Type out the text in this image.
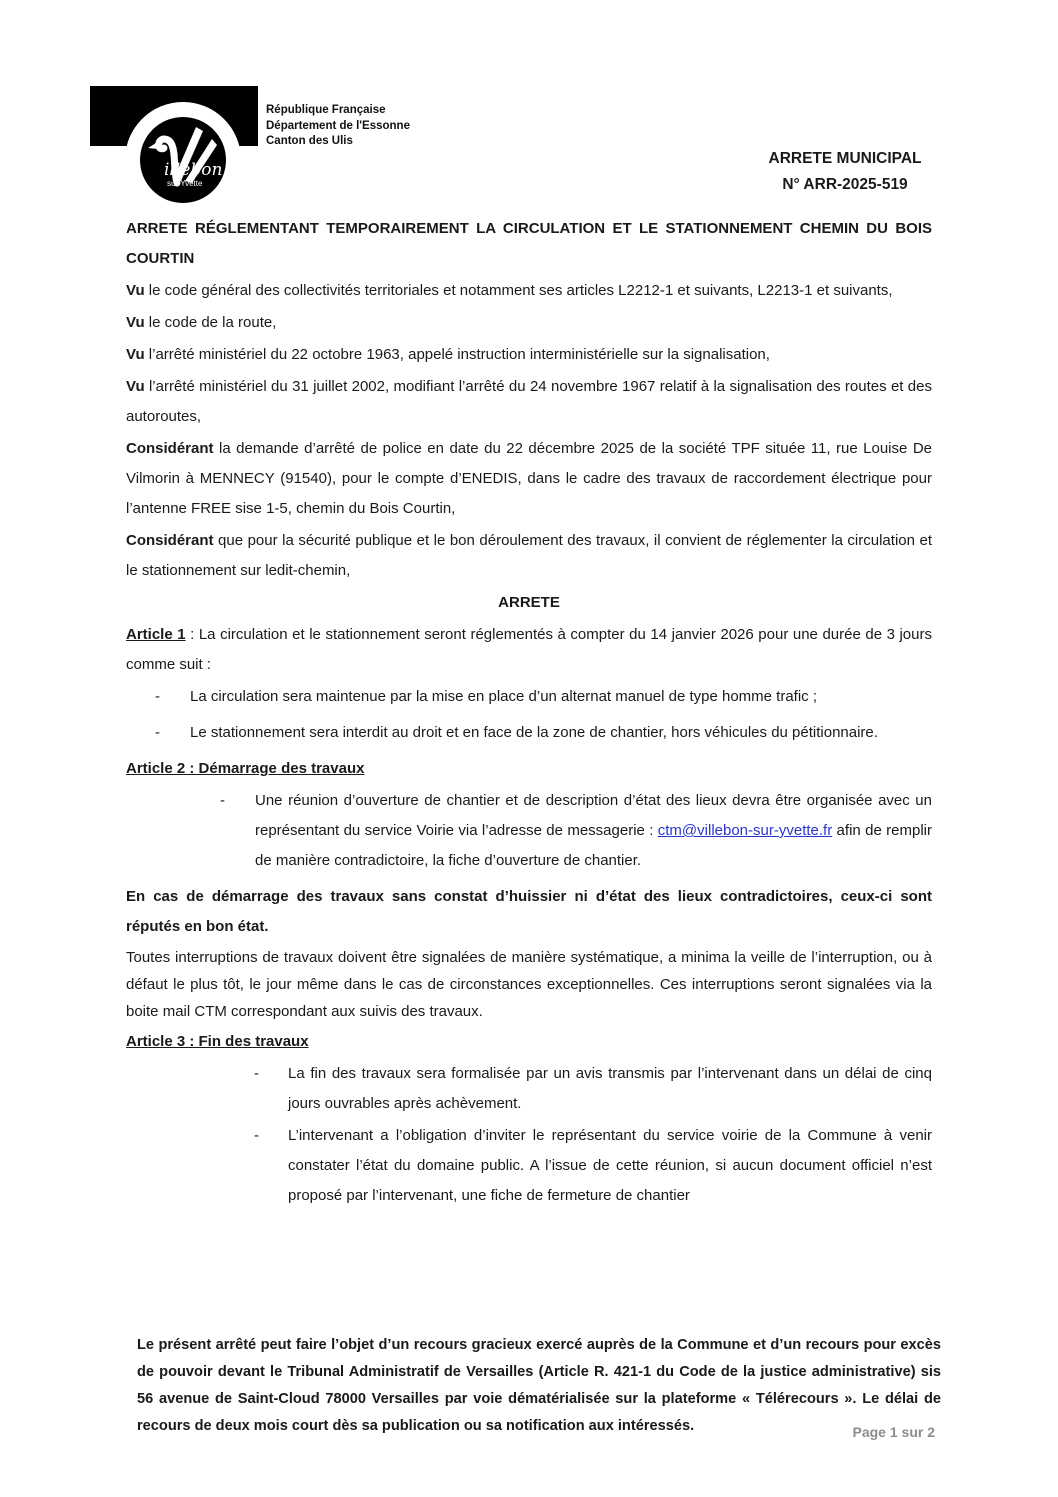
illebon
sur Yvette
République Française
Département de l'Essonne
Canton des Ulis
ARRETE MUNICIPAL
N° ARR-2025-519

ARRETE RÉGLEMENTANT TEMPORAIREMENT LA CIRCULATION ET LE STATIONNEMENT CHEMIN DU BOIS COURTIN

Vu le code général des collectivités territoriales et notamment ses articles L2212-1 et suivants, L2213-1 et suivants,

Vu le code de la route,

Vu l’arrêté ministériel du 22 octobre 1963, appelé instruction interministérielle sur la signalisation,

Vu l’arrêté ministériel du 31 juillet 2002, modifiant l’arrêté du 24 novembre 1967 relatif à la signalisation des routes et des autoroutes,

Considérant la demande d’arrêté de police en date du 22 décembre 2025 de la société TPF située 11, rue Louise De Vilmorin à MENNECY (91540), pour le compte d’ENEDIS, dans le cadre des travaux de raccordement électrique pour l’antenne FREE sise 1-5, chemin du Bois Courtin,

Considérant que pour la sécurité publique et le bon déroulement des travaux, il convient de réglementer la circulation et le stationnement sur ledit-chemin,

ARRETE

Article 1 : La circulation et le stationnement seront réglementés à compter du 14 janvier 2026 pour une durée de 3 jours comme suit :

- La circulation sera maintenue par la mise en place d’un alternat manuel de type homme trafic ;

- Le stationnement sera interdit au droit et en face de la zone de chantier, hors véhicules du pétitionnaire.

Article 2 : Démarrage des travaux

- Une réunion d’ouverture de chantier et de description d’état des lieux devra être organisée avec un représentant du service Voirie via l’adresse de messagerie : ctm@villebon-sur-yvette.fr afin de remplir de manière contradictoire, la fiche d’ouverture de chantier.

En cas de démarrage des travaux sans constat d’huissier ni d’état des lieux contradictoires, ceux-ci sont réputés en bon état.

Toutes interruptions de travaux doivent être signalées de manière systématique, a minima la veille de l’interruption, ou à défaut le plus tôt, le jour même dans le cas de circonstances exceptionnelles. Ces interruptions seront signalées via la boite mail CTM correspondant aux suivis des travaux.

Article 3 : Fin des travaux

- La fin des travaux sera formalisée par un avis transmis par l’intervenant dans un délai de cinq jours ouvrables après achèvement.

- L’intervenant a l’obligation d’inviter le représentant du service voirie de la Commune à venir constater l’état du domaine public. A l’issue de cette réunion, si aucun document officiel n’est proposé par l’intervenant, une fiche de fermeture de chantier

Le présent arrêté peut faire l’objet d’un recours gracieux exercé auprès de la Commune et d’un recours pour excès de pouvoir devant le Tribunal Administratif de Versailles (Article R. 421-1 du Code de la justice administrative) sis 56 avenue de Saint-Cloud 78000 Versailles par voie dématérialisée sur la plateforme « Télérecours ». Le délai de recours de deux mois court dès sa publication ou sa notification aux intéressés.	Page 1 sur 2
